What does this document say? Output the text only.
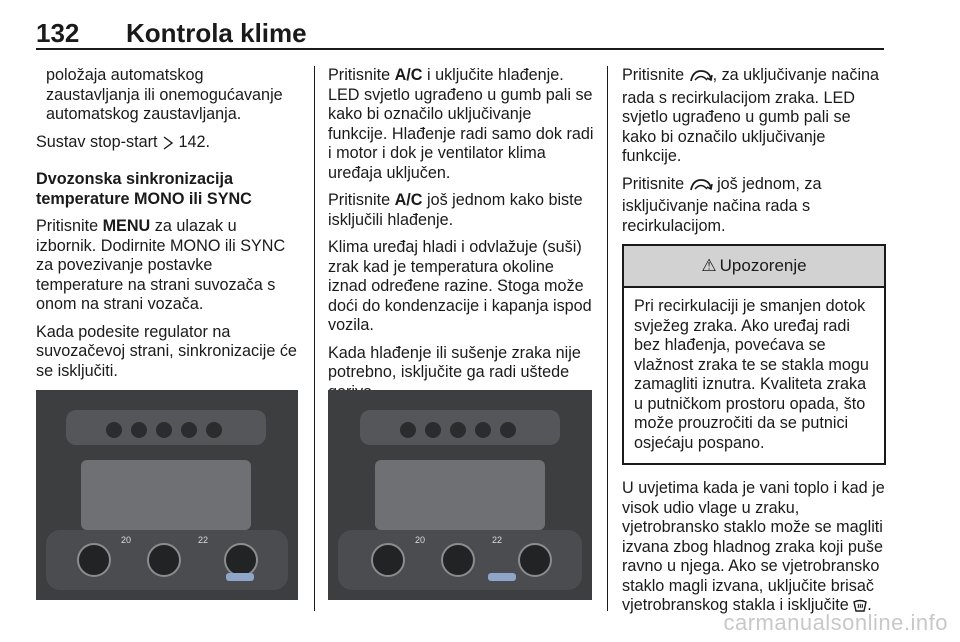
132 Kontrola klime

položaja automatskog zaustavljanja ili onemogućavanje automatskog zaustavljanja.

Sustav stop-start 142.

Dvozonska sinkronizacija temperature MONO ili SYNC

Pritisnite MENU za ulazak u izbornik. Dodirnite MONO ili SYNC za povezivanje postavke temperature na strani suvozača s onom na strani vozača.

Kada podesite regulator na suvozačevoj strani, sinkronizacije će se isključiti.

Pritisnite A/C i uključite hlađenje. LED svjetlo ugrađeno u gumb pali se kako bi označilo uključivanje funkcije. Hlađenje radi samo dok radi i motor i dok je ventilator klima uređaja uključen.

Pritisnite A/C još jednom kako biste isključili hlađenje.

Klima uređaj hladi i odvlažuje (suši) zrak kad je temperatura okoline iznad određene razine. Stoga može doći do kondenzacije i kapanja ispod vozila.

Kada hlađenje ili sušenje zraka nije potrebno, isključite ga radi uštede

Pritisnite , za uključivanje načina rada s recirkulacijom zraka. LED svjetlo ugrađeno u gumb pali se kako bi označilo uključivanje funkcije.

Pritisnite još jednom, za isključivanje načina rada s recirkulacijom.

⚠ Upozorenje
Pri recirkulaciji je smanjen dotok svježeg zraka. Ako uređaj radi bez hlađenja, povećava se vlažnost zraka te se stakla mogu zamagliti iznutra. Kvaliteta zraka u putničkom prostoru opada, što može prouzročiti da se putnici osjećaju pospano.

U uvjetima kada je vani toplo i kad je visok udio vlage u zraku, vjetrobransko staklo može se magliti izvana zbog hladnog zraka koji puše ravno u njega. Ako se vjetrobransko staklo magli izvana, uključite brisač vjetrobranskog stakla i isključite .

20	22	20	22
carmanualsonline.info
